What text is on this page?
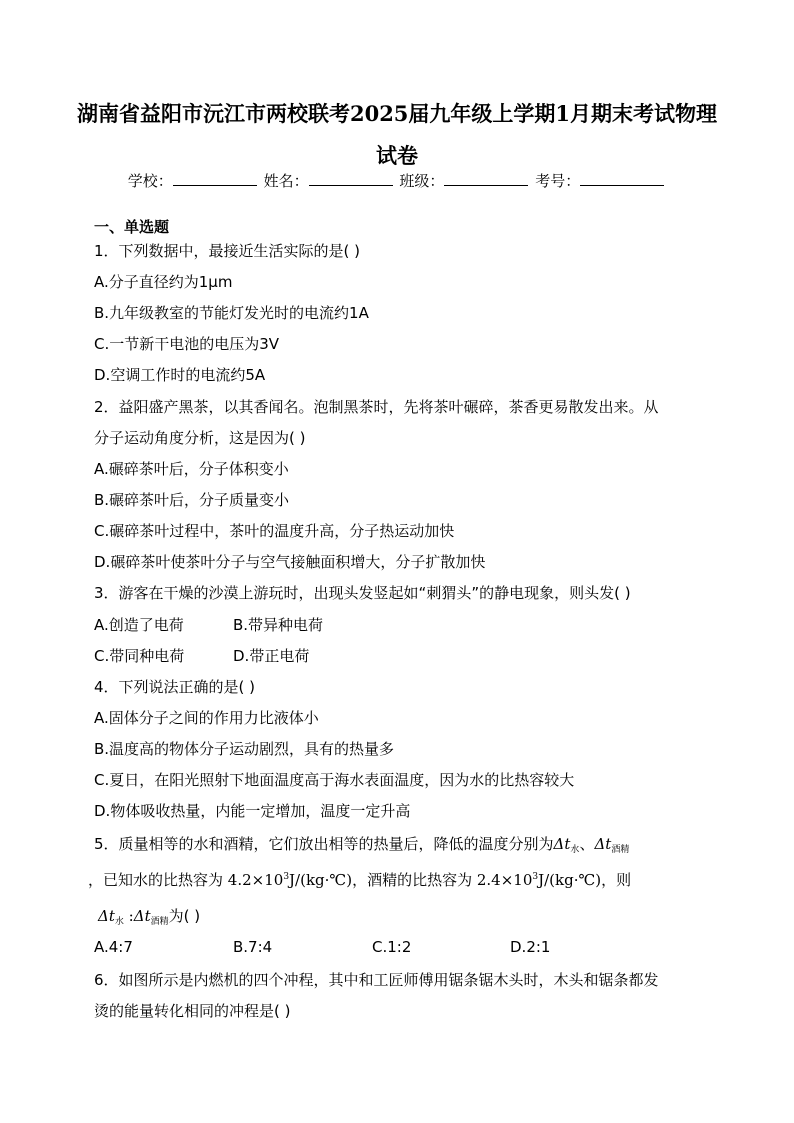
湖南省益阳市沅江市两校联考2025届九年级上学期1月期末考试物理
试卷
学校：	姓名：	班级：	考号：
一、单选题
1．下列数据中，最接近生活实际的是( )
A.分子直径约为1μm
B.九年级教室的节能灯发光时的电流约1A
C.一节新干电池的电压为3V
D.空调工作时的电流约5A
2．益阳盛产黑茶，以其香闻名。泡制黑茶时，先将茶叶碾碎，茶香更易散发出来。从
分子运动角度分析，这是因为( )
A.碾碎茶叶后，分子体积变小
B.碾碎茶叶后，分子质量变小
C.碾碎茶叶过程中，茶叶的温度升高，分子热运动加快
D.碾碎茶叶使茶叶分子与空气接触面积增大，分子扩散加快
3．游客在干燥的沙漠上游玩时，出现头发竖起如“刺猬头”的静电现象，则头发( )
A.创造了电荷	B.带异种电荷
C.带同种电荷	D.带正电荷
4．下列说法正确的是( )
A.固体分子之间的作用力比液体小
B.温度高的物体分子运动剧烈，具有的热量多
C.夏日，在阳光照射下地面温度高于海水表面温度，因为水的比热容较大
D.物体吸收热量，内能一定增加，温度一定升高
5．质量相等的水和酒精，它们放出相等的热量后，降低的温度分别为$\Delta t_水$、$\Delta t_{酒精}$
，已知水的比热容为 $4.2\times 10^3J/(kg\cdot℃)$，酒精的比热容为 $2.4\times 10^3J/(kg\cdot℃)$，则
$\Delta t_水$ $:\Delta t_{酒精}$为( )
A.4:7	B.7:4	C.1:2	D.2:1
6．如图所示是内燃机的四个冲程，其中和工匠师傅用锯条锯木头时，木头和锯条都发
烫的能量转化相同的冲程是( )
